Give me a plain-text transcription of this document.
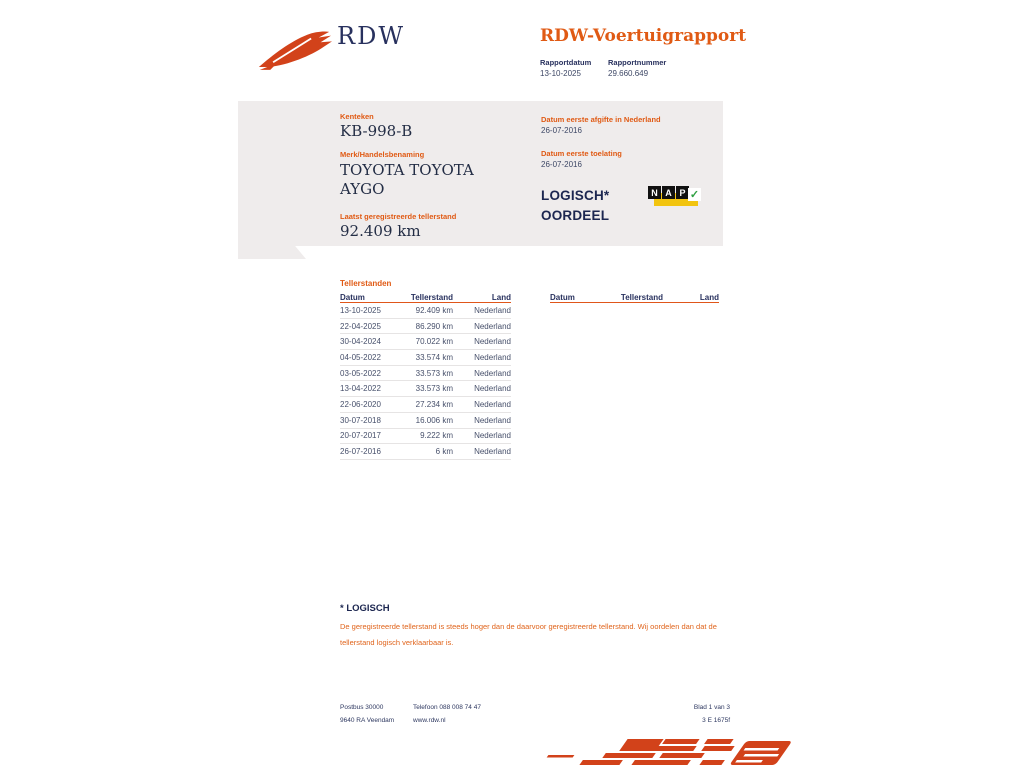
RDW	RDW-Voertuigrapport
Rapportdatum
13-10-2025
Rapportnummer
29.660.649
Kenteken
KB-998-B
Merk/Handelsbenaming
TOYOTA TOYOTA AYGO
Laatst geregistreerde tellerstand
92.409 km
Datum eerste afgifte in Nederland
26-07-2016
Datum eerste toelating
26-07-2016
LOGISCH*
OORDEEL
N A P ✓
Tellerstanden
Datum	Tellerstand	Land
13-10-2025	92.409 km	Nederland
22-04-2025	86.290 km	Nederland
30-04-2024	70.022 km	Nederland
04-05-2022	33.574 km	Nederland
03-05-2022	33.573 km	Nederland
13-04-2022	33.573 km	Nederland
22-06-2020	27.234 km	Nederland
30-07-2018	16.006 km	Nederland
20-07-2017	9.222 km	Nederland
26-07-2016	6 km	Nederland
Datum	Tellerstand	Land
* LOGISCH
De geregistreerde tellerstand is steeds hoger dan de daarvoor geregistreerde tellerstand. Wij oordelen dan dat de tellerstand logisch verklaarbaar is.
Postbus 30000
9640 RA Veendam
Telefoon 088 008 74 47
www.rdw.nl
Blad 1 van 3
3 E 1675f
